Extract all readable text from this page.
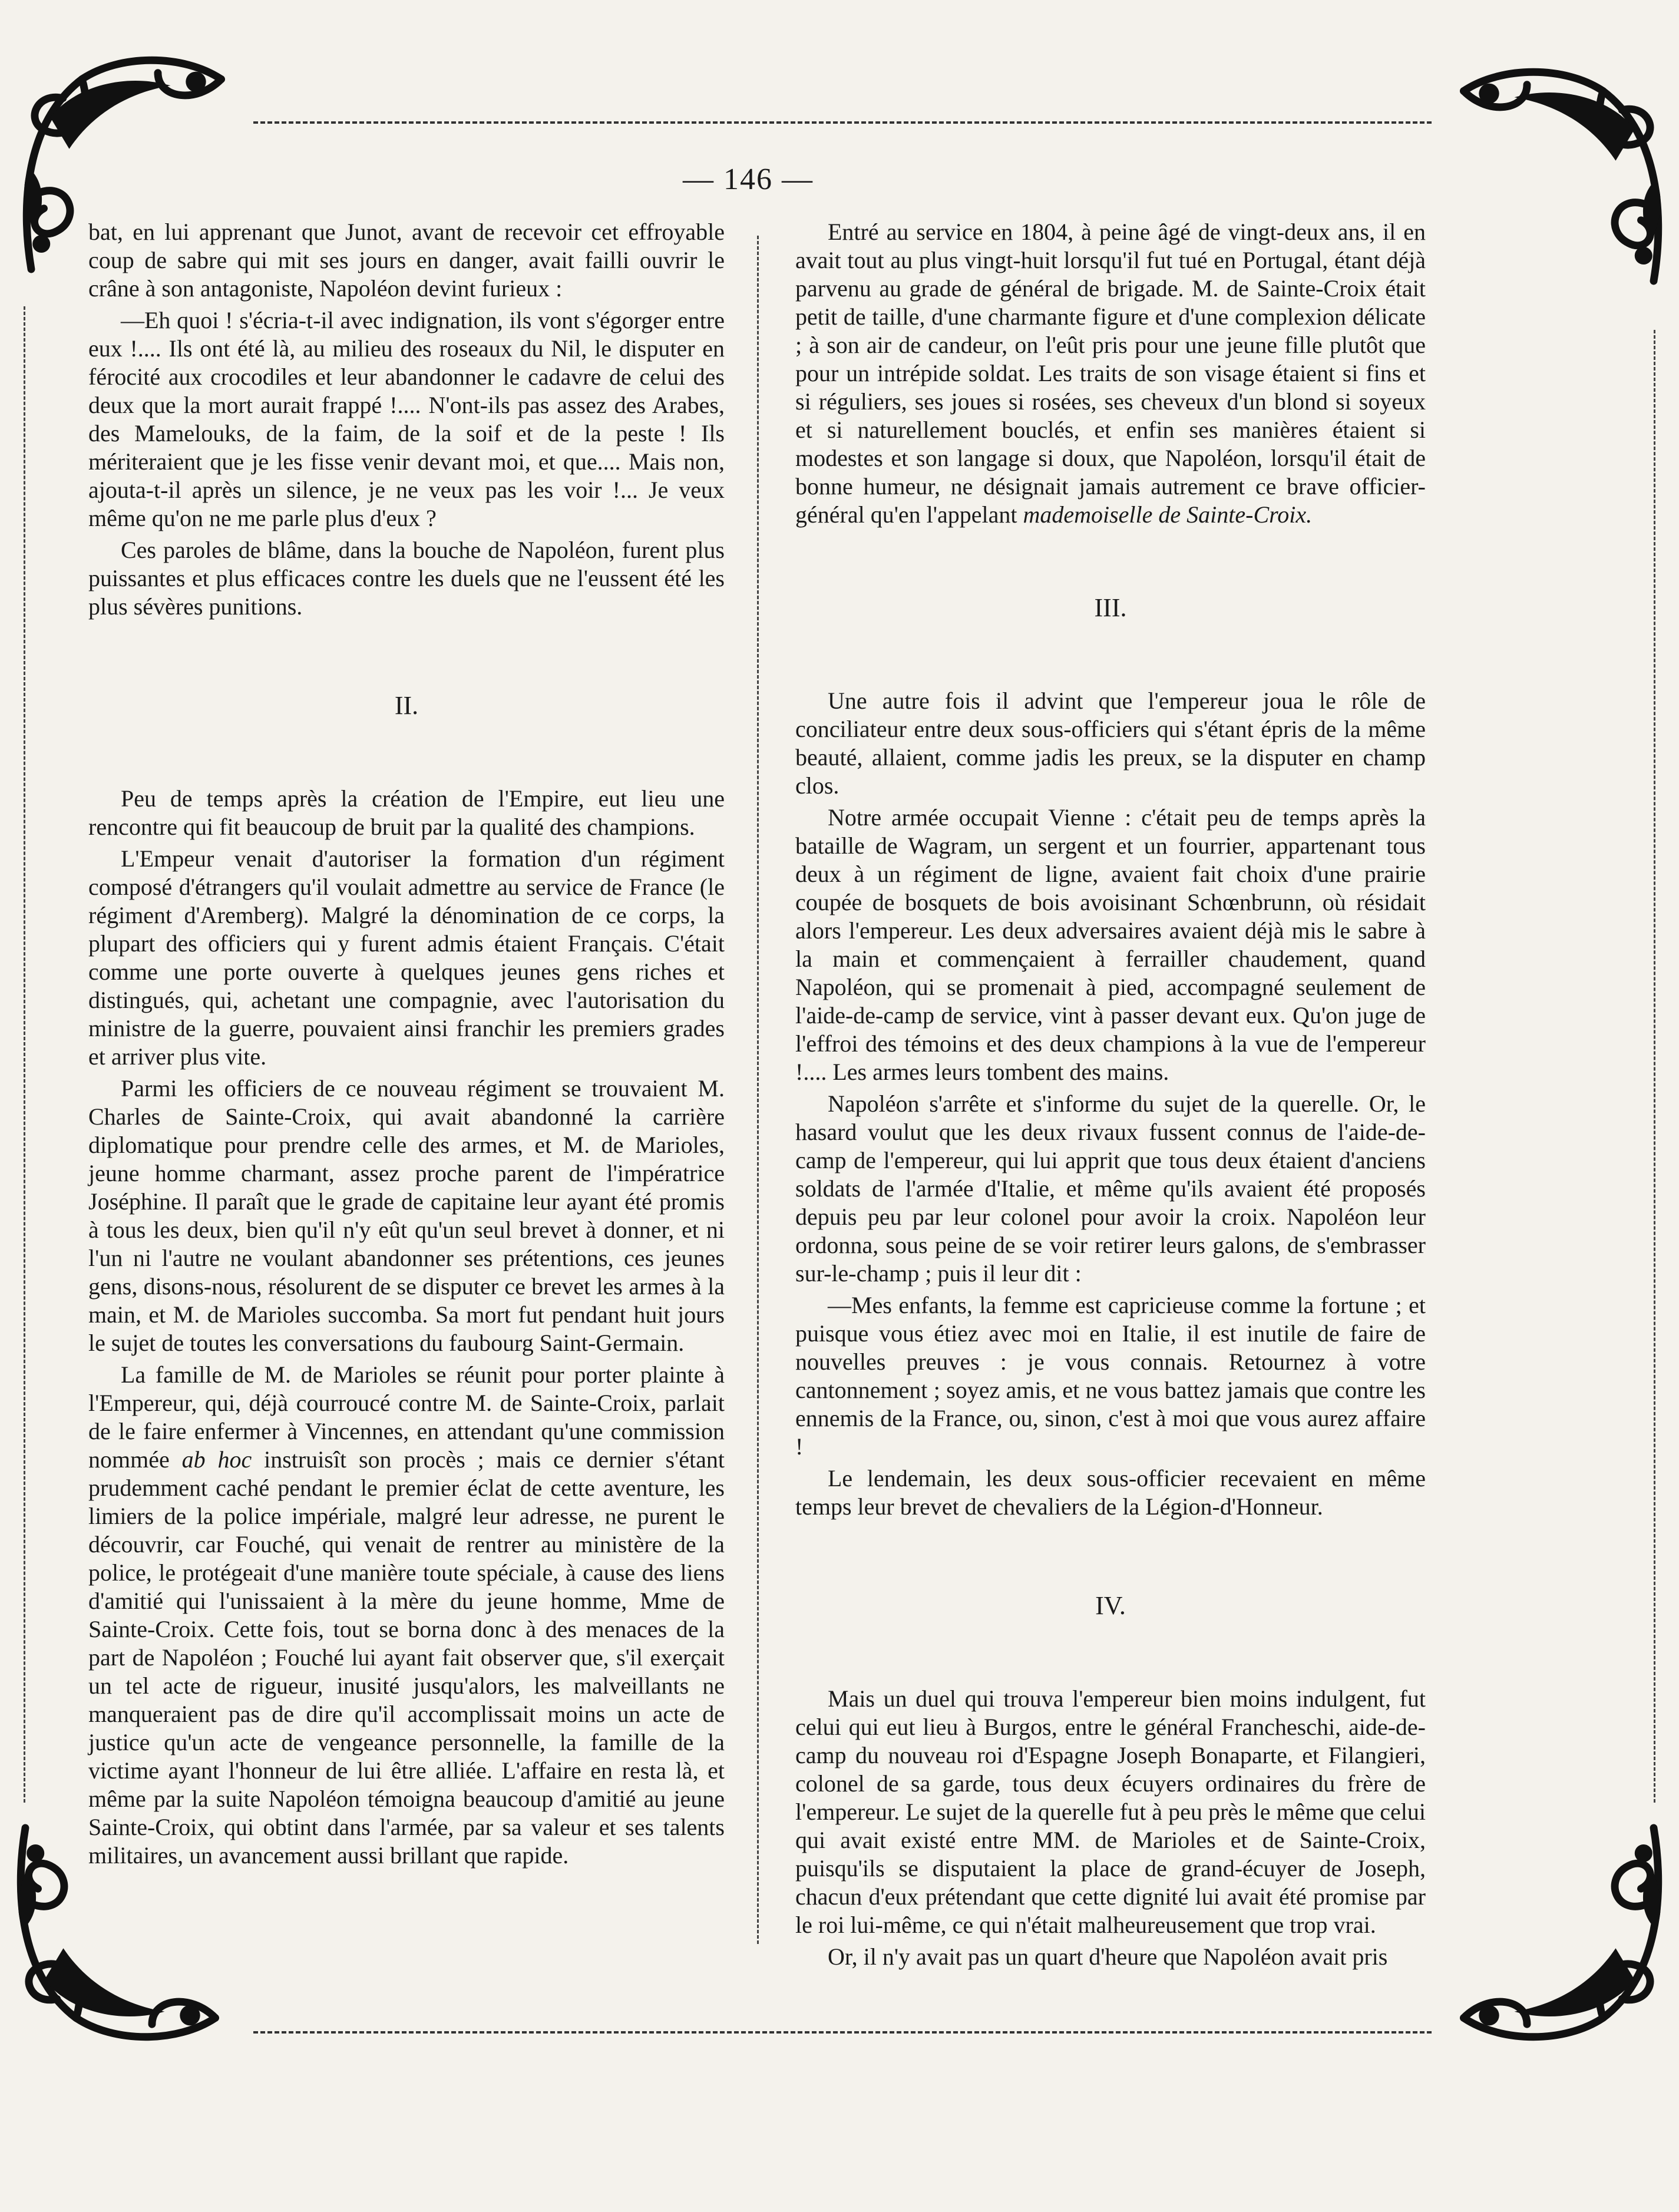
— 146 —

bat, en lui apprenant que Junot, avant de recevoir cet effroyable coup de sabre qui mit ses jours en danger, avait failli ouvrir le crâne à son antagoniste, Napoléon devint furieux :

—Eh quoi ! s'écria-t-il avec indignation, ils vont s'égorger entre eux !.... Ils ont été là, au milieu des roseaux du Nil, le disputer en férocité aux crocodiles et leur abandonner le cadavre de celui des deux que la mort aurait frappé !.... N'ont-ils pas assez des Arabes, des Mamelouks, de la faim, de la soif et de la peste ! Ils mériteraient que je les fisse venir devant moi, et que.... Mais non, ajouta-t-il après un silence, je ne veux pas les voir !... Je veux même qu'on ne me parle plus d'eux ?

Ces paroles de blâme, dans la bouche de Napoléon, furent plus puissantes et plus efficaces contre les duels que ne l'eussent été les plus sévères punitions.

II.

Peu de temps après la création de l'Empire, eut lieu une rencontre qui fit beaucoup de bruit par la qualité des champions.

L'Empeur venait d'autoriser la formation d'un régiment composé d'étrangers qu'il voulait admettre au service de France (le régiment d'Aremberg). Malgré la dénomination de ce corps, la plupart des officiers qui y furent admis étaient Français. C'était comme une porte ouverte à quelques jeunes gens riches et distingués, qui, achetant une compagnie, avec l'autorisation du ministre de la guerre, pouvaient ainsi franchir les premiers grades et arriver plus vite.

Parmi les officiers de ce nouveau régiment se trouvaient M. Charles de Sainte-Croix, qui avait abandonné la carrière diplomatique pour prendre celle des armes, et M. de Marioles, jeune homme charmant, assez proche parent de l'impératrice Joséphine. Il paraît que le grade de capitaine leur ayant été promis à tous les deux, bien qu'il n'y eût qu'un seul brevet à donner, et ni l'un ni l'autre ne voulant abandonner ses prétentions, ces jeunes gens, disons-nous, résolurent de se disputer ce brevet les armes à la main, et M. de Marioles succomba. Sa mort fut pendant huit jours le sujet de toutes les conversations du faubourg Saint-Germain.

La famille de M. de Marioles se réunit pour porter plainte à l'Empereur, qui, déjà courroucé contre M. de Sainte-Croix, parlait de le faire enfermer à Vincennes, en attendant qu'une commission nommée ab hoc instruisît son procès ; mais ce dernier s'étant prudemment caché pendant le premier éclat de cette aventure, les limiers de la police impériale, malgré leur adresse, ne purent le découvrir, car Fouché, qui venait de rentrer au ministère de la police, le protégeait d'une manière toute spéciale, à cause des liens d'amitié qui l'unissaient à la mère du jeune homme, Mme de Sainte-Croix. Cette fois, tout se borna donc à des menaces de la part de Napoléon ; Fouché lui ayant fait observer que, s'il exerçait un tel acte de rigueur, inusité jusqu'alors, les malveillants ne manqueraient pas de dire qu'il accomplissait moins un acte de justice qu'un acte de vengeance personnelle, la famille de la victime ayant l'honneur de lui être alliée. L'affaire en resta là, et même par la suite Napoléon témoigna beaucoup d'amitié au jeune Sainte-Croix, qui obtint dans l'armée, par sa valeur et ses talents militaires, un avancement aussi brillant que rapide.

Entré au service en 1804, à peine âgé de vingt-deux ans, il en avait tout au plus vingt-huit lorsqu'il fut tué en Portugal, étant déjà parvenu au grade de général de brigade. M. de Sainte-Croix était petit de taille, d'une charmante figure et d'une complexion délicate ; à son air de candeur, on l'eût pris pour une jeune fille plutôt que pour un intrépide soldat. Les traits de son visage étaient si fins et si réguliers, ses joues si rosées, ses cheveux d'un blond si soyeux et si naturellement bouclés, et enfin ses manières étaient si modestes et son langage si doux, que Napoléon, lorsqu'il était de bonne humeur, ne désignait jamais autrement ce brave officier-général qu'en l'appelant mademoiselle de Sainte-Croix.

III.

Une autre fois il advint que l'empereur joua le rôle de conciliateur entre deux sous-officiers qui s'étant épris de la même beauté, allaient, comme jadis les preux, se la disputer en champ clos.

Notre armée occupait Vienne : c'était peu de temps après la bataille de Wagram, un sergent et un fourrier, appartenant tous deux à un régiment de ligne, avaient fait choix d'une prairie coupée de bosquets de bois avoisinant Schœnbrunn, où résidait alors l'empereur. Les deux adversaires avaient déjà mis le sabre à la main et commençaient à ferrailler chaudement, quand Napoléon, qui se promenait à pied, accompagné seulement de l'aide-de-camp de service, vint à passer devant eux. Qu'on juge de l'effroi des témoins et des deux champions à la vue de l'empereur !.... Les armes leurs tombent des mains.

Napoléon s'arrête et s'informe du sujet de la querelle. Or, le hasard voulut que les deux rivaux fussent connus de l'aide-de-camp de l'empereur, qui lui apprit que tous deux étaient d'anciens soldats de l'armée d'Italie, et même qu'ils avaient été proposés depuis peu par leur colonel pour avoir la croix. Napoléon leur ordonna, sous peine de se voir retirer leurs galons, de s'embrasser sur-le-champ ; puis il leur dit :

—Mes enfants, la femme est capricieuse comme la fortune ; et puisque vous étiez avec moi en Italie, il est inutile de faire de nouvelles preuves : je vous connais. Retournez à votre cantonnement ; soyez amis, et ne vous battez jamais que contre les ennemis de la France, ou, sinon, c'est à moi que vous aurez affaire !

Le lendemain, les deux sous-officier recevaient en même temps leur brevet de chevaliers de la Légion-d'Honneur.

IV.

Mais un duel qui trouva l'empereur bien moins indulgent, fut celui qui eut lieu à Burgos, entre le général Francheschi, aide-de-camp du nouveau roi d'Espagne Joseph Bonaparte, et Filangieri, colonel de sa garde, tous deux écuyers ordinaires du frère de l'empereur. Le sujet de la querelle fut à peu près le même que celui qui avait existé entre MM. de Marioles et de Sainte-Croix, puisqu'ils se disputaient la place de grand-écuyer de Joseph, chacun d'eux prétendant que cette dignité lui avait été promise par le roi lui-même, ce qui n'était malheureusement que trop vrai.

Or, il n'y avait pas un quart d'heure que Napoléon avait pris
